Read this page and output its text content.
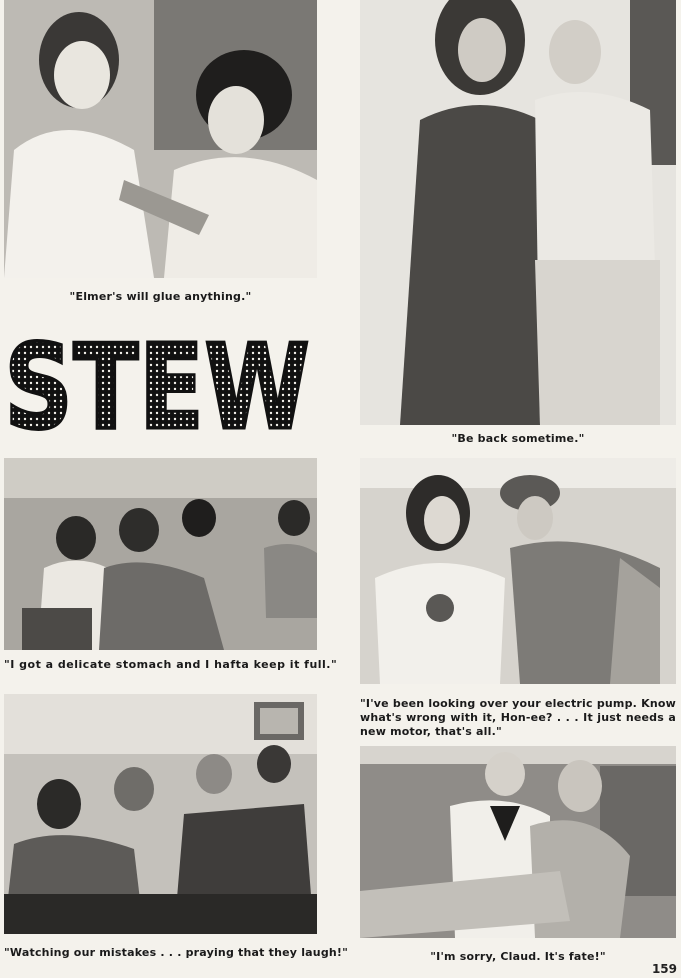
"Elmer's will glue anything."
STEW	"Be back sometime."
"I got a delicate stomach and I hafta keep it full."
"I've been looking over your electric pump. Know what's wrong with it, Hon-ee? . . . It just needs a new motor, that's all."
"Watching our mistakes . . . praying that they laugh!"	"I'm sorry, Claud. It's fate!"
159
